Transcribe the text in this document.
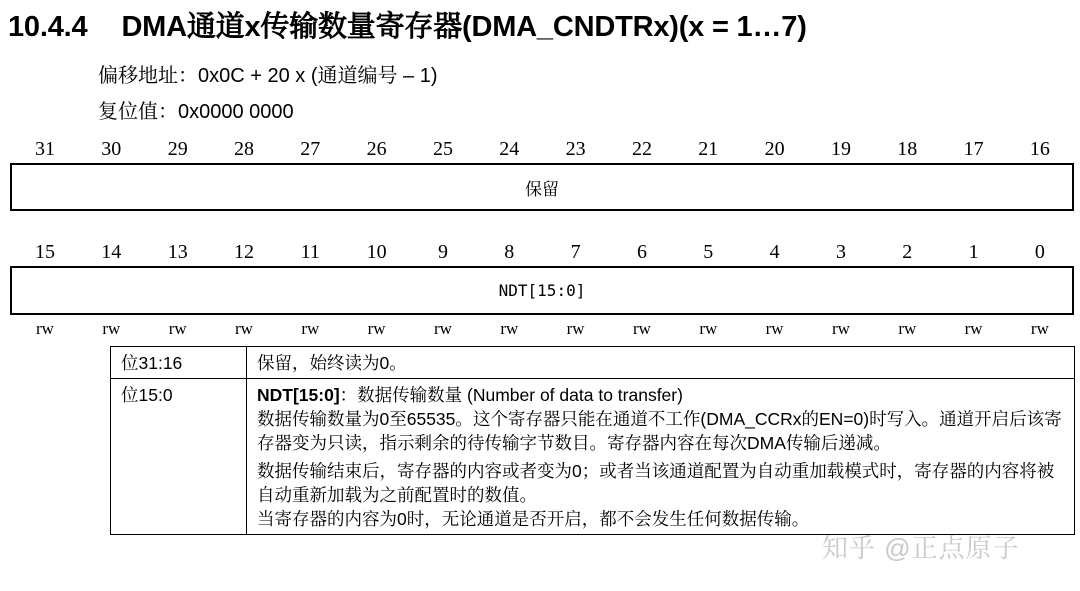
10.4.4 DMA通道x传输数量寄存器(DMA_CNDTRx)(x = 1…7)
偏移地址：0x0C + 20 x (通道编号 – 1)
复位值：0x0000 0000
31	30	29	28	27	26	25	24	23	22	21	20	19	18	17	16
保留
15	14	13	12	11	10	9	8	7	6	5	4	3	2	1	0
NDT[15:0]
rw	rw	rw	rw	rw	rw	rw	rw	rw	rw	rw	rw	rw	rw	rw	rw
位31:16	保留，始终读为0。
位15:0	NDT[15:0]：数据传输数量 (Number of data to transfer)

数据传输数量为0至65535。这个寄存器只能在通道不工作(DMA_CCRx的EN=0)时写入。通道开启后该寄存器变为只读，指示剩余的待传输字节数目。寄存器内容在每次DMA传输后递减。

数据传输结束后，寄存器的内容或者变为0；或者当该通道配置为自动重加载模式时，寄存器的内容将被自动重新加载为之前配置时的数值。

当寄存器的内容为0时，无论通道是否开启，都不会发生任何数据传输。

知乎 @正点原子
